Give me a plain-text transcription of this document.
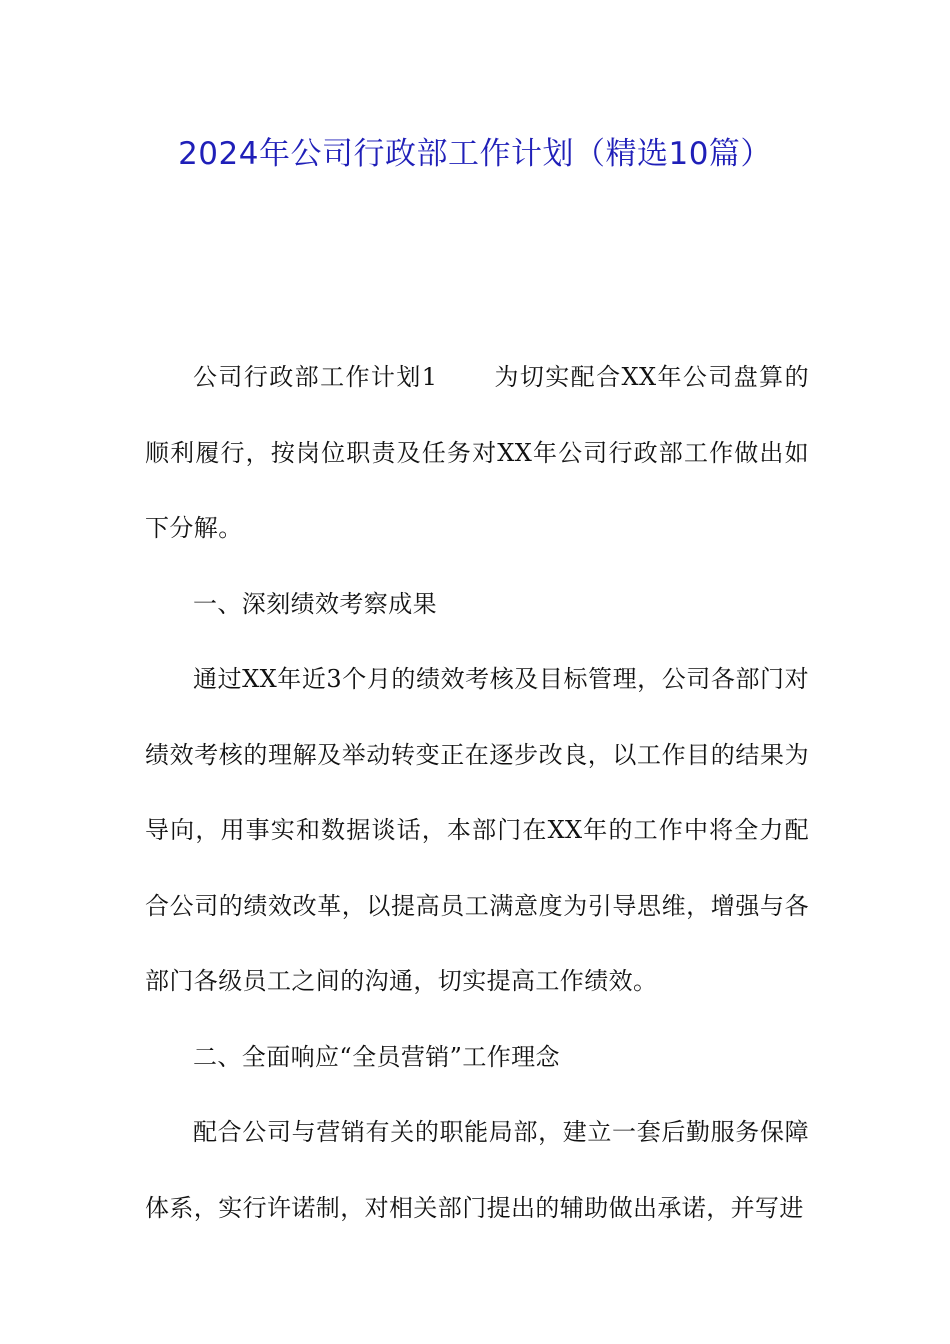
2024年公司行政部工作计划（精选10篇）

公司行政部工作计划1 为切实配合XX年公司盘算的顺利履行，按岗位职责及任务对XX年公司行政部工作做出如下分解。

一、深刻绩效考察成果

通过XX年近3个月的绩效考核及目标管理，公司各部门对绩效考核的理解及举动转变正在逐步改良，以工作目的结果为导向，用事实和数据谈话，本部门在XX年的工作中将全力配合公司的绩效改革，以提高员工满意度为引导思维，增强与各部门各级员工之间的沟通，切实提高工作绩效。

二、全面响应“全员营销”工作理念

配合公司与营销有关的职能局部，建立一套后勤服务保障体系，实行许诺制，对相关部门提出的辅助做出承诺，并写进
